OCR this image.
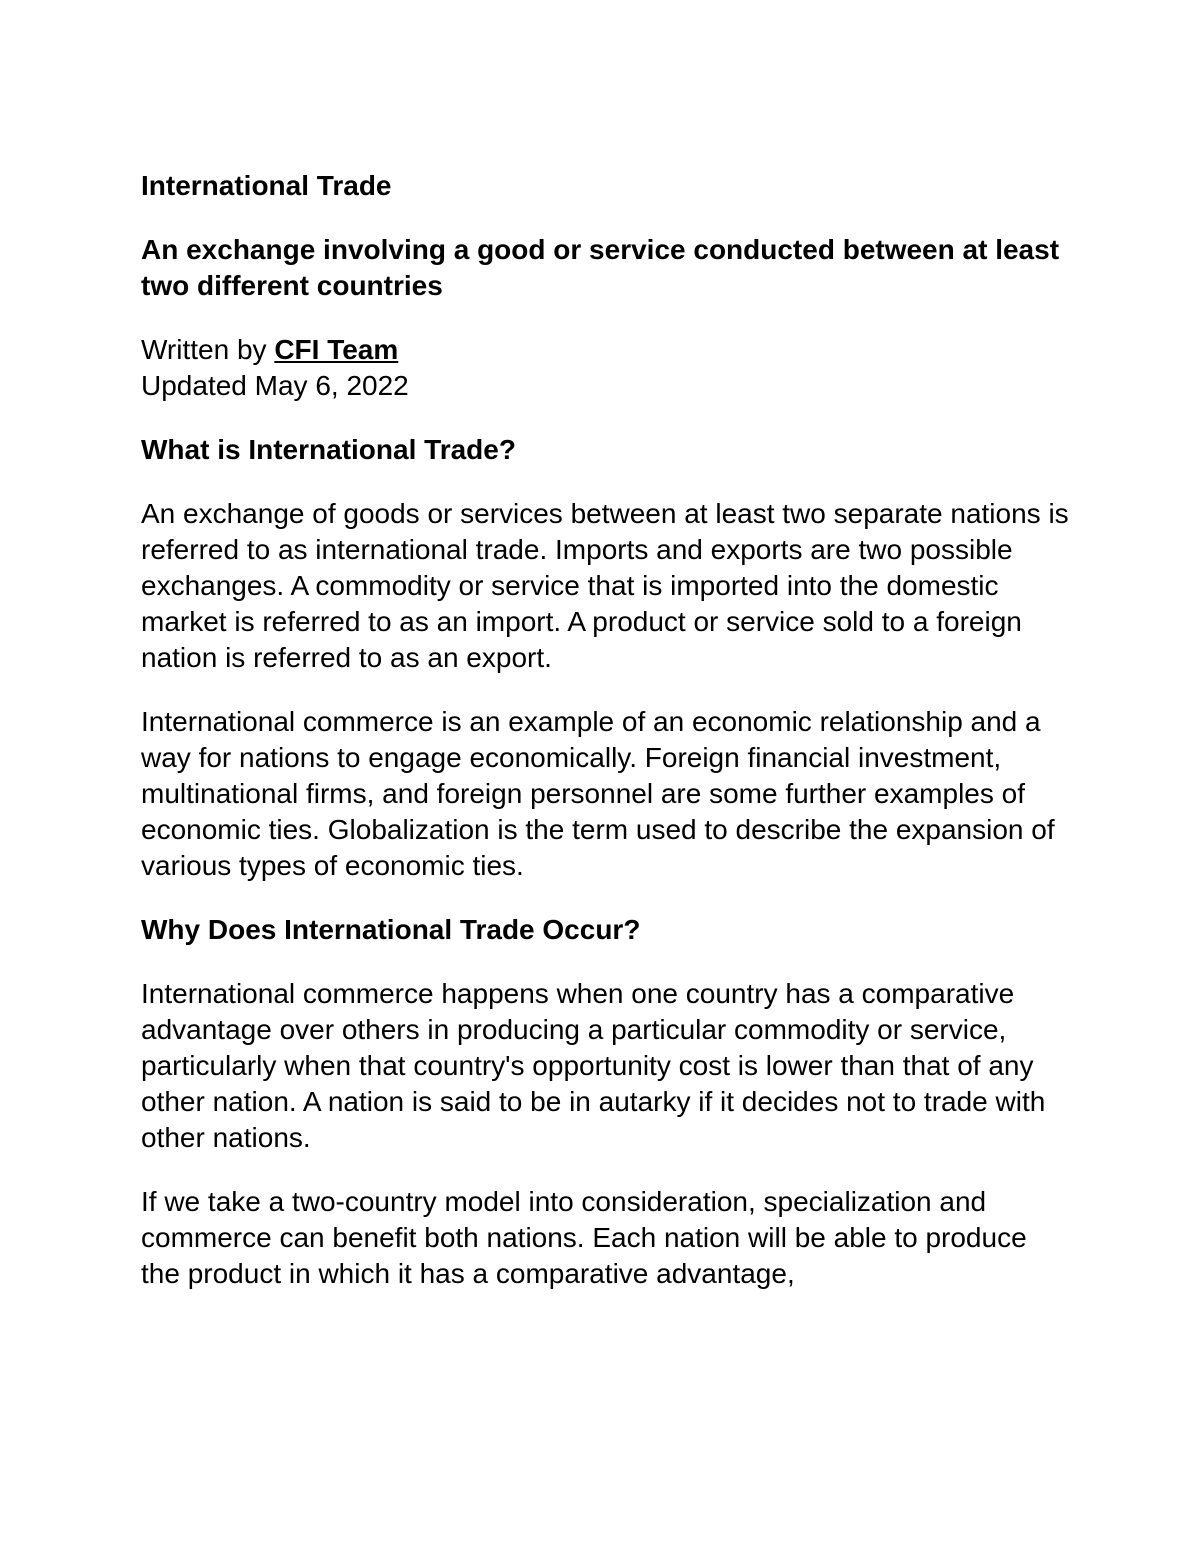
International Trade

An exchange involving a good or service conducted between at least two different countries

Written by CFI Team
Updated May 6, 2022

What is International Trade?

An exchange of goods or services between at least two separate nations is referred to as international trade. Imports and exports are two possible exchanges. A commodity or service that is imported into the domestic market is referred to as an import. A product or service sold to a foreign nation is referred to as an export.

International commerce is an example of an economic relationship and a way for nations to engage economically. Foreign financial investment, multinational firms, and foreign personnel are some further examples of economic ties. Globalization is the term used to describe the expansion of various types of economic ties.

Why Does International Trade Occur?

International commerce happens when one country has a comparative advantage over others in producing a particular commodity or service, particularly when that country's opportunity cost is lower than that of any other nation. A nation is said to be in autarky if it decides not to trade with other nations.

If we take a two-country model into consideration, specialization and commerce can benefit both nations. Each nation will be able to produce the product in which it has a comparative advantage,
